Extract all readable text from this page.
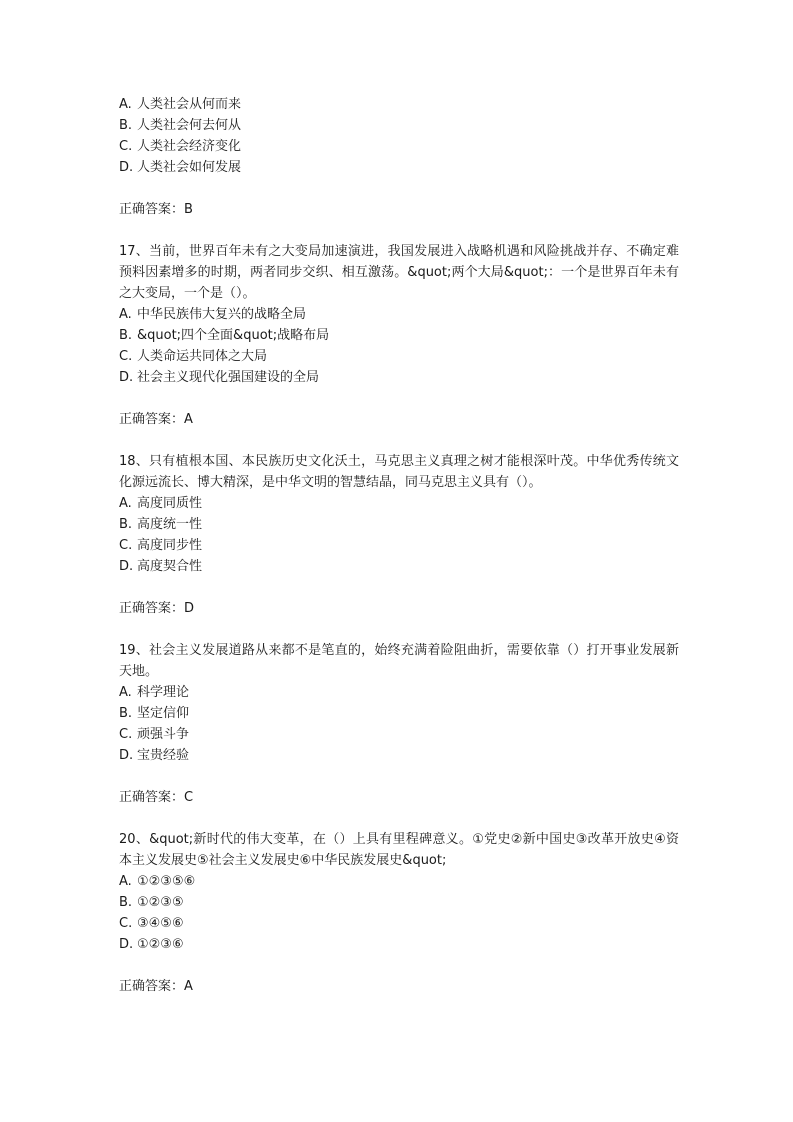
A. 人类社会从何而来
B. 人类社会何去何从
C. 人类社会经济变化
D. 人类社会如何发展
正确答案：B
17、当前，世界百年未有之大变局加速演进，我国发展进入战略机遇和风险挑战并存、不确定难预料因素增多的时期，两者同步交织、相互激荡。&quot;两个大局&quot;：一个是世界百年未有之大变局，一个是（）。
A. 中华民族伟大复兴的战略全局
B. &quot;四个全面&quot;战略布局
C. 人类命运共同体之大局
D. 社会主义现代化强国建设的全局
正确答案：A
18、只有植根本国、本民族历史文化沃土，马克思主义真理之树才能根深叶茂。中华优秀传统文化源远流长、博大精深，是中华文明的智慧结晶，同马克思主义具有（）。
A. 高度同质性
B. 高度统一性
C. 高度同步性
D. 高度契合性
正确答案：D
19、社会主义发展道路从来都不是笔直的，始终充满着险阻曲折，需要依靠（）打开事业发展新天地。
A. 科学理论
B. 坚定信仰
C. 顽强斗争
D. 宝贵经验
正确答案：C
20、&quot;新时代的伟大变革，在（）上具有里程碑意义。①党史②新中国史③改革开放史④资本主义发展史⑤社会主义发展史⑥中华民族发展史&quot;
A. ①②③⑤⑥
B. ①②③⑤
C. ③④⑤⑥
D. ①②③⑥
正确答案：A
